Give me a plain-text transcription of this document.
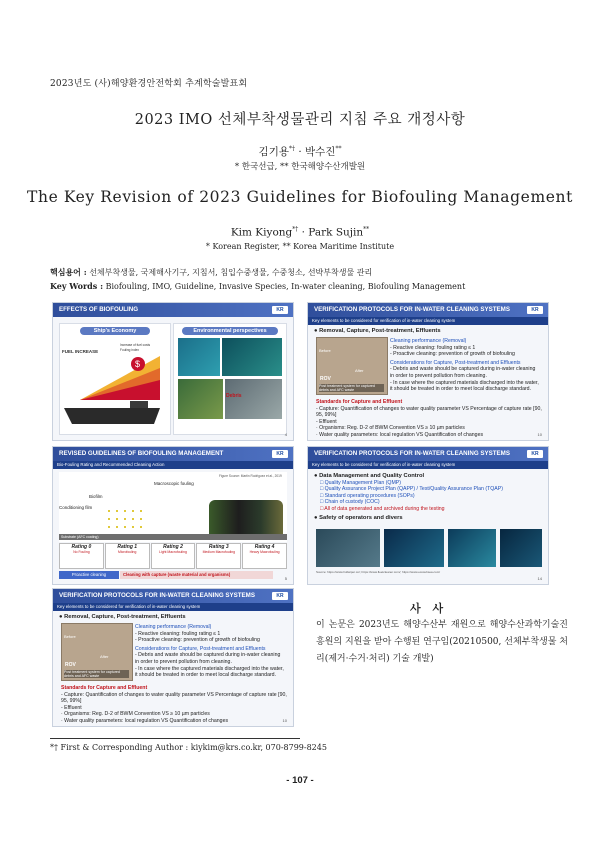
2023년도 (사)해양환경안전학회 추계학술발표회
2023 IMO 선체부착생물관리 지침 주요 개정사항
김기용*† · 박수진**
* 한국선급, ** 한국해양수산개발원
The Key Revision of 2023 Guidelines for Biofouling Management
Kim Kiyong*† · Park Sujin**
* Korean Register, ** Korea Maritime Institute
핵심용어 : 선체부착생물, 국제해사기구, 지침서, 침입수중생물, 수중청소, 선박부착생물 관리
Key Words : Biofouling, IMO, Guideline, Invasive Species, In-water cleaning, Biofouling Management
EFFECTS OF BIOFOULING	KR
Ship's Economy
$
FUEL INCREASE
Increase of fuel costs
Fouling index
Environmental perspectives
Debris
4
VERIFICATION PROTOCOLS FOR IN-WATER CLEANING SYSTEMS	KR
Key elements to be considered for verification of in-water cleaning system
● Removal, Capture, Post-treatment, Effluents
Before
After
ROV
Post treatment system for captured debris and AFC waste
Cleaning performance (Removal)
- Reactive cleaning: fouling rating ≤ 1
- Proactive cleaning: prevention of growth of biofouling
Considerations for Capture, Post-treatment and Effluents
- Debris and waste should be captured during in-water cleaning in order to prevent pollution from cleaning.
- In case where the captured materials discharged into the water, it should be treated in order to meet local discharge standard.
Standards for Capture and Effluent
- Capture: Quantification of changes to water quality parameter VS Percentage of capture rate [90, 95, 99%]
- Effluent
· Organisms: Reg. D-2 of BWM Convention VS ≥ 10 µm particles
· Water quality parameters: local regulation VS Quantification of changes	10
REVISED GUIDELINES OF BIOFOULING MANAGEMENT	KR
Bio-Fouling Rating and Recommended Cleaning Action
Biofilm
Conditioning film
Macroscopic fouling
Figure Source: Martin Rodriguez et al., 2019
Substrate (AFC coating)
Rating 0
No Fouling
Rating 1
Microfouling
Rating 2
Light Macrofouling
Rating 3
Medium Macrofouling
Rating 4
Heavy Macrofouling
Proactive cleaning	Cleaning with capture (waste material and organisms)
5
VERIFICATION PROTOCOLS FOR IN-WATER CLEANING SYSTEMS	KR
Key elements to be considered for verification of in-water cleaning system
● Data Management and Quality Control
□ Quality Management Plan (QMP)
□ Quality Assurance Project Plan (QAPP) / Test/Quality Assurance Plan (TQAP)
□ Standard operating procedures (SOPs)
□ Chain of custody (COC)
□ All of data generated and archived during the testing
● Safety of operators and divers
Source: https://www.hullwiper.co/; https://www.fleetcleaner.com/; https://www.ecosubsea.com/
14
VERIFICATION PROTOCOLS FOR IN-WATER CLEANING SYSTEMS	KR
Key elements to be considered for verification of in-water cleaning system
● Removal, Capture, Post-treatment, Effluents
Before
After
ROV
Post treatment system for captured debris and AFC waste
Cleaning performance (Removal)
- Reactive cleaning: fouling rating ≤ 1
- Proactive cleaning: prevention of growth of biofouling
Considerations for Capture, Post-treatment and Effluents
- Debris and waste should be captured during in-water cleaning in order to prevent pollution from cleaning.
- In case where the captured materials discharged into the water, it should be treated in order to meet local discharge standard.
Standards for Capture and Effluent
- Capture: Quantification of changes to water quality parameter VS Percentage of capture rate [90, 95, 99%]
- Effluent
· Organisms: Reg. D-2 of BWM Convention VS ≥ 10 µm particles
· Water quality parameters: local regulation VS Quantification of changes	10
사 사
이 논문은 2023년도 해양수산부 재원으로 해양수산과학기술진흥원의 지원을 받아 수행된 연구임(20210500, 선체부착생물 처리(제거·수거·처리) 기술 개발)
*† First & Corresponding Author : kiykim@krs.co.kr, 070-8799-8245
- 107 -
